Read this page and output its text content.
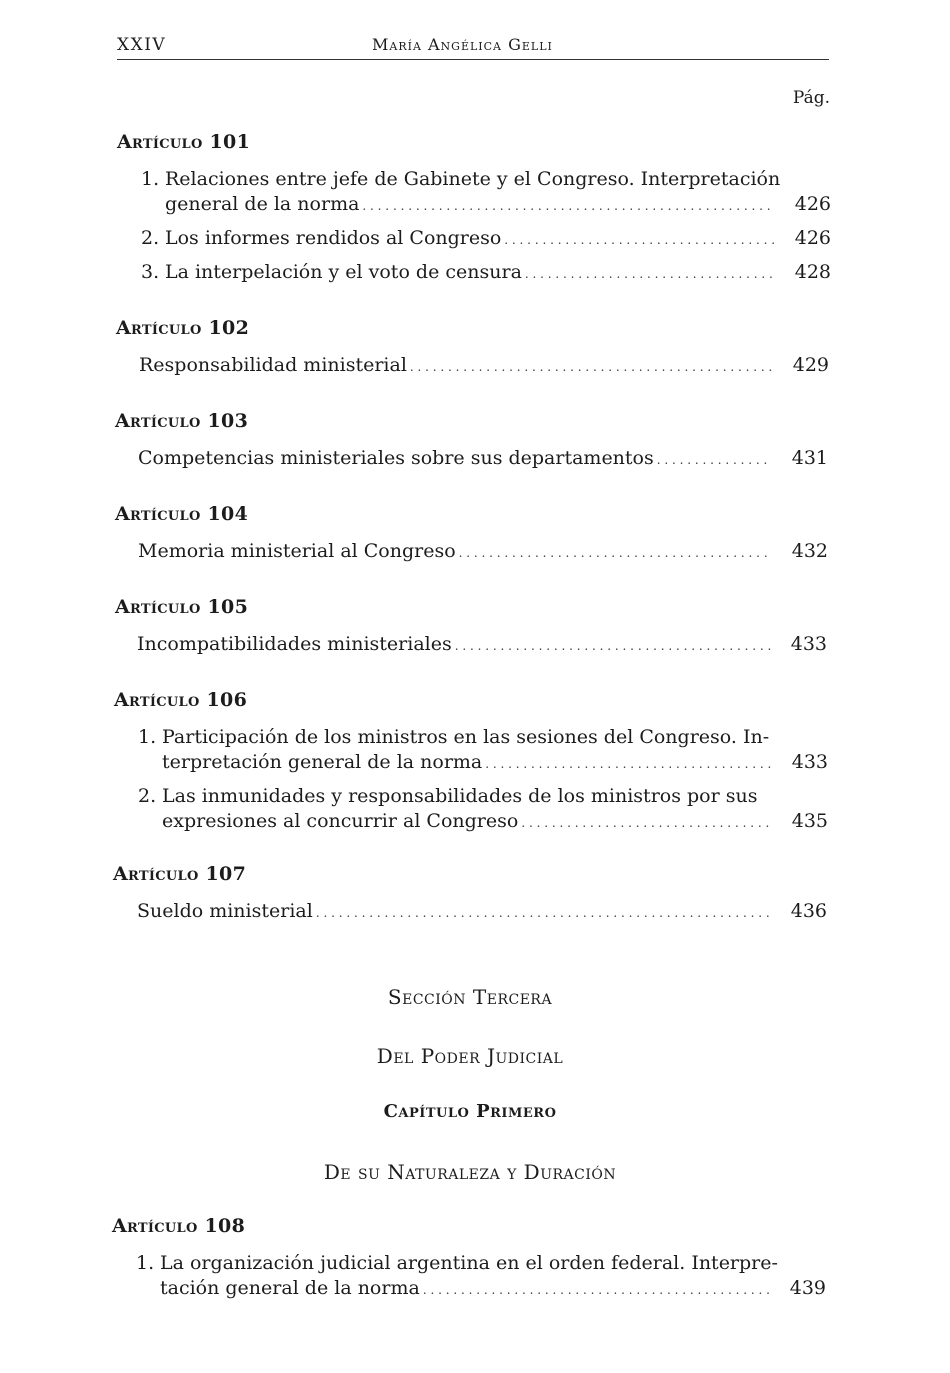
XXIV	María Angélica Gelli
Pág.
Artículo 101
1. Relaciones entre jefe de Gabinete y el Congreso. Interpretación
general de la norma . . .	426
2. Los informes rendidos al Congreso . . .	426
3. La interpelación y el voto de censura . . .	428
Artículo 102
Responsabilidad ministerial . . .	429
Artículo 103
Competencias ministeriales sobre sus departamentos . . .	431
Artículo 104
Memoria ministerial al Congreso . . .	432
Artículo 105
Incompatibilidades ministeriales . . .	433
Artículo 106
1. Participación de los ministros en las sesiones del Congreso. In-
terpretación general de la norma . . .	433
2. Las inmunidades y responsabilidades de los ministros por sus
expresiones al concurrir al Congreso . . .	435
Artículo 107
Sueldo ministerial . . .	436
Sección Tercera
Del Poder Judicial
Capítulo Primero
De su Naturaleza y Duración
Artículo 108
1. La organización judicial argentina en el orden federal. Interpre-
tación general de la norma . . .	439
